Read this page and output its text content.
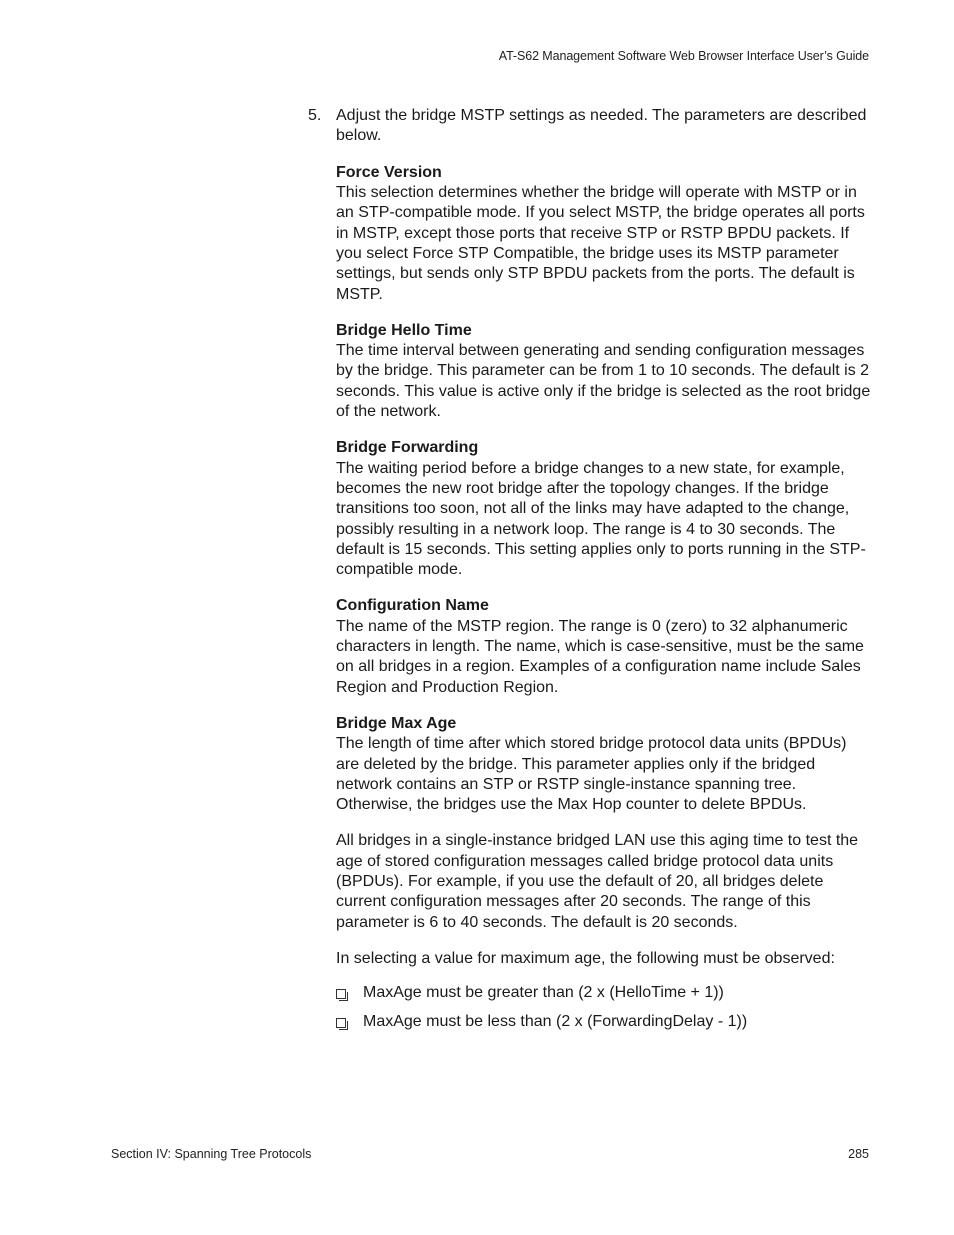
AT-S62 Management Software Web Browser Interface User’s Guide
5. Adjust the bridge MSTP settings as needed. The parameters are described below.
Force Version
This selection determines whether the bridge will operate with MSTP or in an STP-compatible mode. If you select MSTP, the bridge operates all ports in MSTP, except those ports that receive STP or RSTP BPDU packets. If you select Force STP Compatible, the bridge uses its MSTP parameter settings, but sends only STP BPDU packets from the ports. The default is MSTP.
Bridge Hello Time
The time interval between generating and sending configuration messages by the bridge. This parameter can be from 1 to 10 seconds. The default is 2 seconds. This value is active only if the bridge is selected as the root bridge of the network.
Bridge Forwarding
The waiting period before a bridge changes to a new state, for example, becomes the new root bridge after the topology changes. If the bridge transitions too soon, not all of the links may have adapted to the change, possibly resulting in a network loop. The range is 4 to 30 seconds. The default is 15 seconds. This setting applies only to ports running in the STP-compatible mode.
Configuration Name
The name of the MSTP region. The range is 0 (zero) to 32 alphanumeric characters in length. The name, which is case-sensitive, must be the same on all bridges in a region. Examples of a configuration name include Sales Region and Production Region.
Bridge Max Age
The length of time after which stored bridge protocol data units (BPDUs) are deleted by the bridge. This parameter applies only if the bridged network contains an STP or RSTP single-instance spanning tree. Otherwise, the bridges use the Max Hop counter to delete BPDUs.
All bridges in a single-instance bridged LAN use this aging time to test the age of stored configuration messages called bridge protocol data units (BPDUs). For example, if you use the default of 20, all bridges delete current configuration messages after 20 seconds. The range of this parameter is 6 to 40 seconds. The default is 20 seconds.
In selecting a value for maximum age, the following must be observed:
MaxAge must be greater than (2 x (HelloTime + 1))
MaxAge must be less than (2 x (ForwardingDelay - 1))
Section IV: Spanning Tree Protocols	285
